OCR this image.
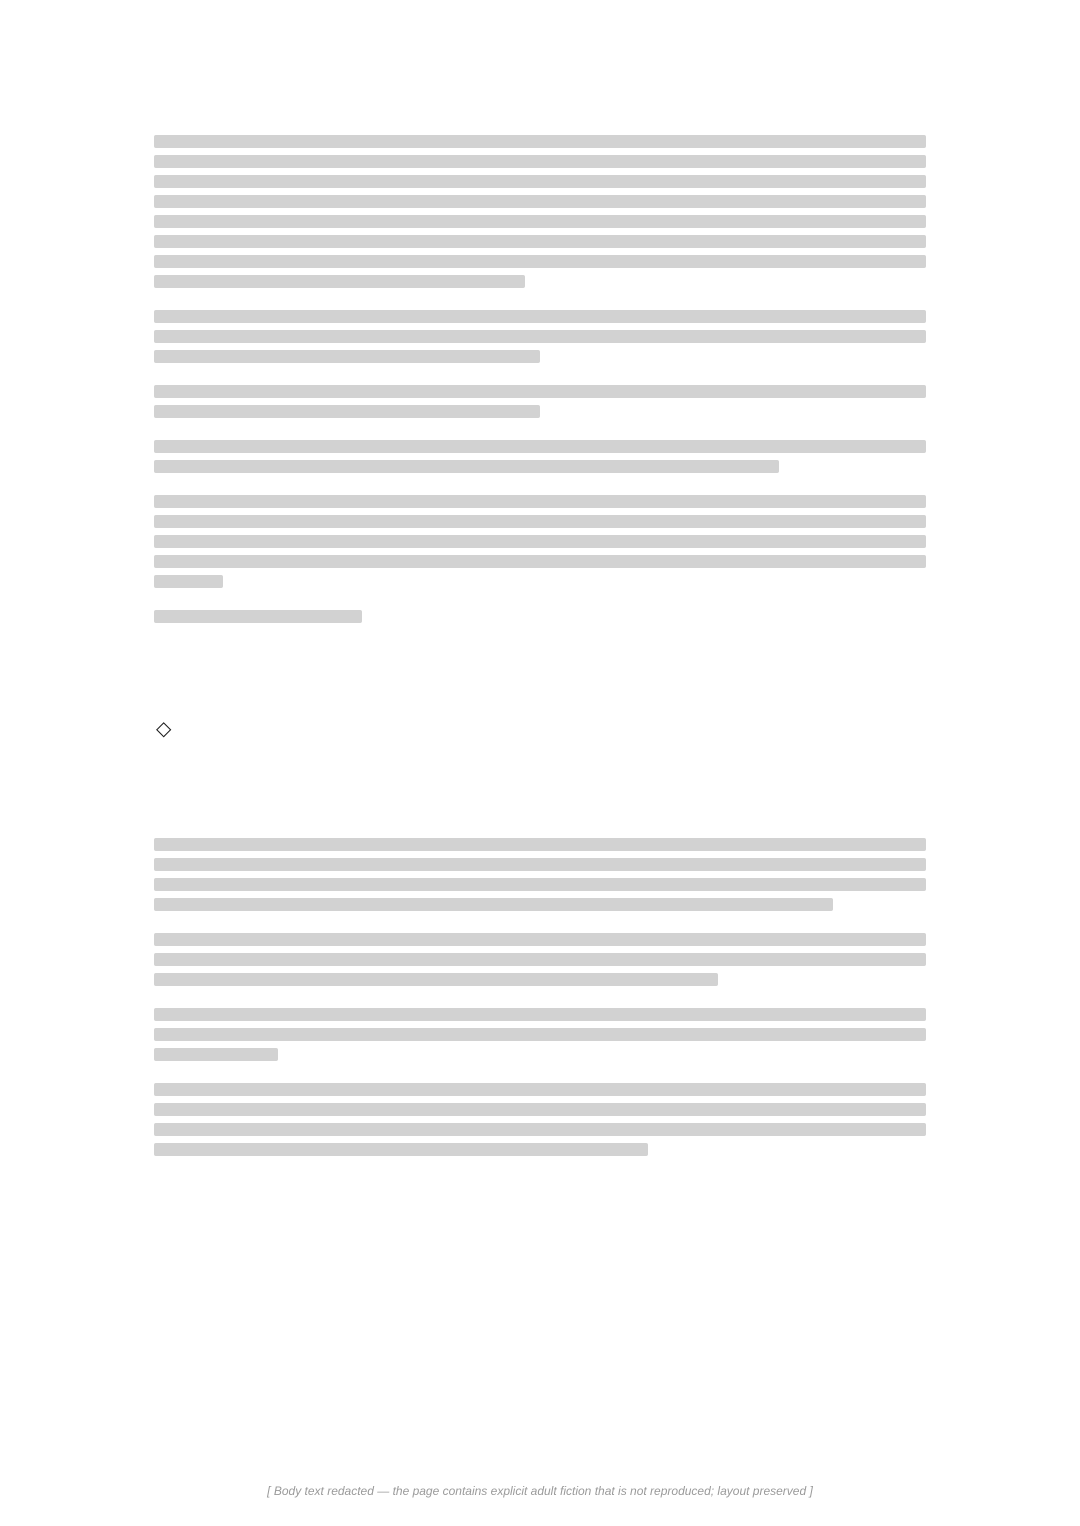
◇
[ Body text redacted — the page contains explicit adult fiction that is not reproduced; layout preserved ]
